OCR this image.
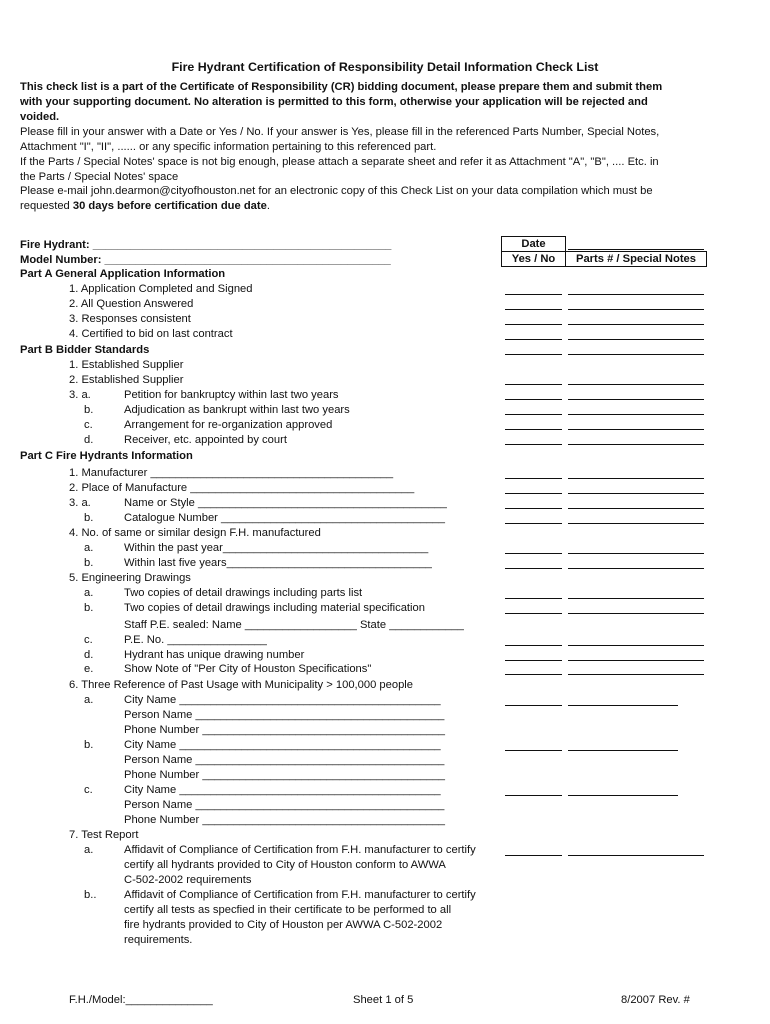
Fire Hydrant Certification of Responsibility Detail Information Check List
This check list is a part of the Certificate of Responsibility (CR) bidding document, please prepare them and submit them
with your supporting document. No alteration is permitted to this form, otherwise your application will be rejected and
voided.
Please fill in your answer with a Date or Yes / No. If your answer is Yes, please fill in the referenced Parts Number, Special Notes,
Attachment "I", "II", ...... or any specific information pertaining to this referenced part.
If the Parts / Special Notes' space is not big enough, please attach a separate sheet and refer it as Attachment "A", "B", .... Etc. in
the Parts / Special Notes' space
Please e-mail john.dearmon@cityofhouston.net for an electronic copy of this Check List on your data compilation which must be
requested 30 days before certification due date.
Fire Hydrant: ________________________________________________
Model Number: ______________________________________________
Date
Yes / No	Parts # / Special Notes
Part A General Application Information
1. Application Completed and Signed
2. All Question Answered
3. Responses consistent
4. Certified to bid on last contract
Part B Bidder Standards
1. Established Supplier
2. Established Supplier
3. a.	Petition for bankruptcy within last two years
b.	Adjudication as bankrupt within last two years
c.	Arrangement for re-organization approved
d.	Receiver, etc. appointed by court
Part C Fire Hydrants Information
1. Manufacturer _______________________________________
2. Place of Manufacture ____________________________________
3. a.	Name or Style ________________________________________
b.	Catalogue Number ____________________________________
4. No. of same or similar design F.H. manufactured
a.	Within the past year_________________________________
b.	Within last five years_________________________________
5. Engineering Drawings
a.	Two copies of detail drawings including parts list
b.	Two copies of detail drawings including material specification
Staff P.E. sealed: Name __________________ State ____________
c.	P.E. No. ________________
d.	Hydrant has unique drawing number
e.	Show Note of "Per City of Houston Specifications"
6. Three Reference of Past Usage with Municipality > 100,000 people
a.	City Name __________________________________________
Person Name ________________________________________
Phone Number _______________________________________
b.	City Name __________________________________________
Person Name ________________________________________
Phone Number _______________________________________
c.	City Name __________________________________________
Person Name ________________________________________
Phone Number _______________________________________
7. Test Report
a.	Affidavit of Compliance of Certification from F.H. manufacturer to certify
certify all hydrants provided to City of Houston conform to AWWA
C-502-2002 requirements
b.. Affidavit of Compliance of Certification from F.H. manufacturer to certify
certify all tests as specfied in their certificate to be performed to all
fire hydrants provided to City of Houston per AWWA C-502-2002
requirements.
F.H./Model:______________	Sheet 1 of 5	8/2007 Rev. #
